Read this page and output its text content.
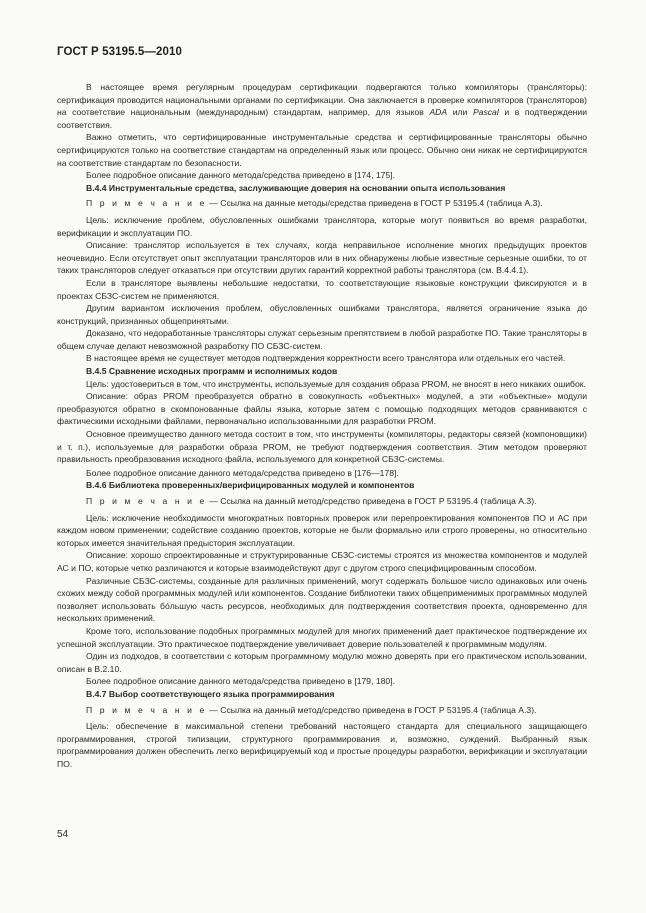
ГОСТ Р 53195.5—2010

В настоящее время регулярным процедурам сертификации подвергаются только компиляторы (трансляторы): сертификация проводится национальными органами по сертификации. Она заключается в проверке компиляторов (трансляторов) на соответствие национальным (международным) стандартам, например, для языков ADA или Pascal и в подтверждении соответствия.

Важно отметить, что сертифицированные инструментальные средства и сертифицированные трансляторы обычно сертифицируются только на соответствие стандартам на определенный язык или процесс. Обычно они никак не сертифицируются на соответствие стандартам по безопасности.

Более подробное описание данного метода/средства приведено в [174, 175].

В.4.4 Инструментальные средства, заслуживающие доверия на основании опыта использования

П р и м е ч а н и е — Ссылка на данные методы/средства приведена в ГОСТ Р 53195.4 (таблица А.3).

Цель: исключение проблем, обусловленных ошибками транслятора, которые могут появиться во время разработки, верификации и эксплуатации ПО.

Описание: транслятор используется в тех случаях, когда неправильное исполнение многих предыдущих проектов неочевидно. Если отсутствует опыт эксплуатации трансляторов или в них обнаружены любые известные серьезные ошибки, то от таких трансляторов следует отказаться при отсутствии других гарантий корректной работы транслятора (см. В.4.4.1).

Если в трансляторе выявлены небольшие недостатки, то соответствующие языковые конструкции фиксируются и в проектах СБЗС-систем не применяются.

Другим вариантом исключения проблем, обусловленных ошибками транслятора, является ограничение языка до конструкций, признанных общепринятыми.

Доказано, что недоработанные трансляторы служат серьезным препятствием в любой разработке ПО. Такие трансляторы в общем случае делают невозможной разработку ПО СБЗС-систем.

В настоящее время не существует методов подтверждения корректности всего транслятора или отдельных его частей.

В.4.5 Сравнение исходных программ и исполнимых кодов

Цель: удостовериться в том, что инструменты, используемые для создания образа PROM, не вносят в него никаких ошибок.

Описание: образ PROM преобразуется обратно в совокупность «объектных» модулей, а эти «объектные» модули преобразуются обратно в скомпонованные файлы языка, которые затем с помощью подходящих методов сравниваются с фактическими исходными файлами, первоначально использованными для разработки PROM.

Основное преимущество данного метода состоит в том, что инструменты (компиляторы, редакторы связей (компоновщики) и т. п.), используемые для разработки образа PROM, не требуют подтверждения соответствия. Этим методом проверяют правильность преобразования исходного файла, используемого для конкретной СБЗС-системы.

Более подробное описание данного метода/средства приведено в [176—178].

В.4.6 Библиотека проверенных/верифицированных модулей и компонентов

П р и м е ч а н и е — Ссылка на данный метод/средство приведена в ГОСТ Р 53195.4 (таблица А.3).

Цель: исключение необходимости многократных повторных проверок или перепроектирования компонентов ПО и АС при каждом новом применении; содействие созданию проектов, которые не были формально или строго проверены, но относительно которых имеется значительная предыстория эксплуатации.

Описание: хорошо спроектированные и структурированные СБЗС-системы строятся из множества компонентов и модулей АС и ПО, которые четко различаются и которые взаимодействуют друг с другом строго специфицированным способом.

Различные СБЗС-системы, созданные для различных применений, могут содержать большое число одинаковых или очень схожих между собой программных модулей или компонентов. Создание библиотеки таких общеприменимых программных модулей позволяет использовать бо́льшую часть ресурсов, необходимых для подтверждения соответствия проекта, одновременно для нескольких применений.

Кроме того, использование подобных программных модулей для многих применений дает практическое подтверждение их успешной эксплуатации. Это практическое подтверждение увеличивает доверие пользователей к программным модулям.

Один из подходов, в соответствии с которым программному модулю можно доверять при его практическом использовании, описан в В.2.10.

Более подробное описание данного метода/средства приведено в [179, 180].

В.4.7 Выбор соответствующего языка программирования

П р и м е ч а н и е — Ссылка на данный метод/средство приведена в ГОСТ Р 53195.4 (таблица А.3).

Цель: обеспечение в максимальной степени требований настоящего стандарта для специального защищающего программирования, строгой типизации, структурного программирования и, возможно, суждений. Выбранный язык программирования должен обеспечить легко верифицируемый код и простые процедуры разработки, верификации и эксплуатации ПО.

54
